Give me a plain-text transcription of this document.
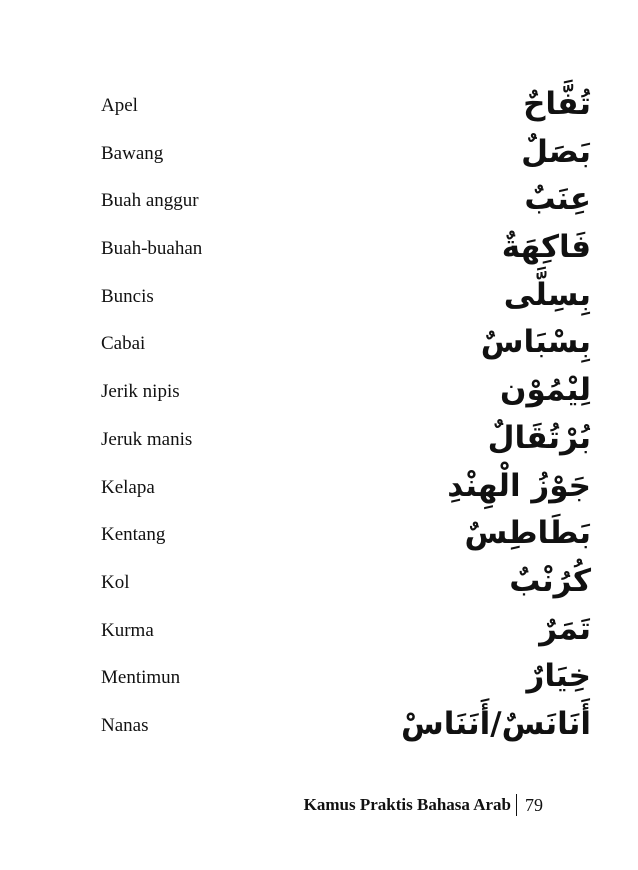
Apel	تُفَّاحٌ
Bawang	بَصَلٌ
Buah anggur	عِنَبٌ
Buah-buahan	فَاكِهَةٌ
Buncis	بِسِلَّى
Cabai	بِسْبَاسٌ
Jerik nipis	لِيْمُوْن
Jeruk manis	بُرْتُقَالٌ
Kelapa	جَوْزُ الْهِنْدِ
Kentang	بَطَاطِسٌ
Kol	كُرُنْبٌ
Kurma	تَمَرٌ
Mentimun	خِيَارٌ
Nanas	أَنَانَسٌ/أَنَنَاسْ
Kamus Praktis Bahasa Arab 79
